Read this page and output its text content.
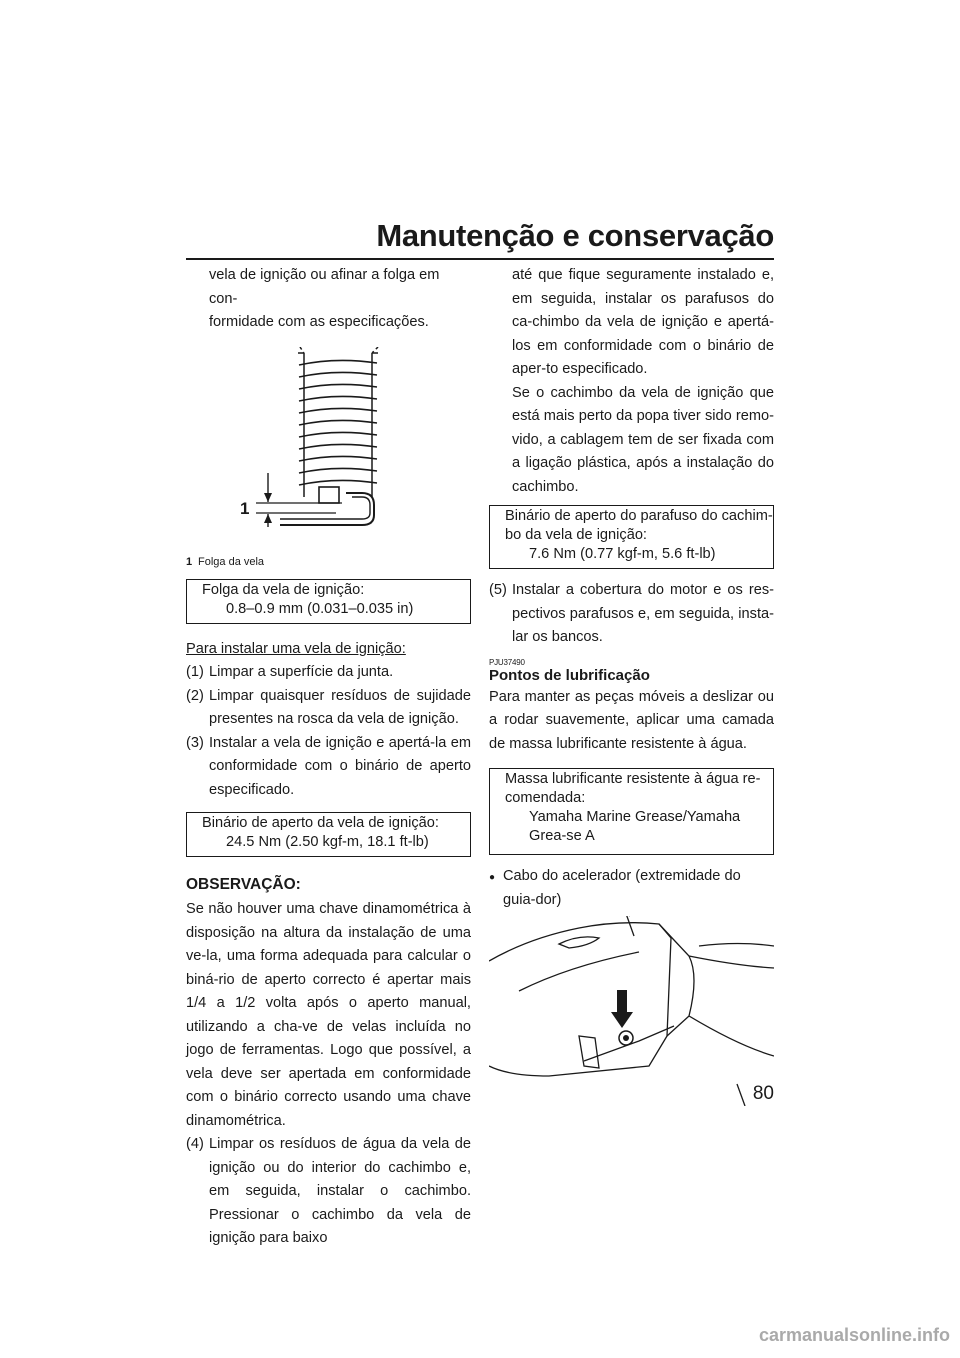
Manutenção e conservação

vela de ignição ou afinar a folga em con-
formidade com as especificações.

1
1 Folga da vela
Folga da vela de ignição:
0.8–0.9 mm (0.031–0.035 in)

Para instalar uma vela de ignição:

(1) Limpar a superfície da junta.
(2) Limpar quaisquer resíduos de sujidade presentes na rosca da vela de ignição.
(3) Instalar a vela de ignição e apertá-la em conformidade com o binário de aperto especificado.
Binário de aperto da vela de ignição:
24.5 Nm (2.50 kgf-m, 18.1 ft-lb)

OBSERVAÇÃO:

Se não houver uma chave dinamométrica à disposição na altura da instalação de uma ve-la, uma forma adequada para calcular o biná-rio de aperto correcto é apertar mais 1/4 a 1/2 volta após o aperto manual, utilizando a cha-ve de velas incluída no jogo de ferramentas. Logo que possível, a vela deve ser apertada em conformidade com o binário correcto usando uma chave dinamométrica.

(4) Limpar os resíduos de água da vela de ignição ou do interior do cachimbo e, em seguida, instalar o cachimbo. Pressionar o cachimbo da vela de ignição para baixo

até que fique seguramente instalado e, em seguida, instalar os parafusos do ca-chimbo da vela de ignição e apertá-los em conformidade com o binário de aper-to especificado.

Se o cachimbo da vela de ignição que está mais perto da popa tiver sido remo-vido, a cablagem tem de ser fixada com a ligação plástica, após a instalação do cachimbo.

Binário de aperto do parafuso do cachim-bo da vela de ignição:
7.6 Nm (0.77 kgf-m, 5.6 ft-lb)
(5) Instalar a cobertura do motor e os res-pectivos parafusos e, em seguida, insta-lar os bancos.
PJU37490
Pontos de lubrificação

Para manter as peças móveis a deslizar ou a rodar suavemente, aplicar uma camada de massa lubrificante resistente à água.

Massa lubrificante resistente à água re-comendada:
Yamaha Marine Grease/Yamaha Grea-se A
● Cabo do acelerador (extremidade do guia-dor)
80
carmanualsonline.info
